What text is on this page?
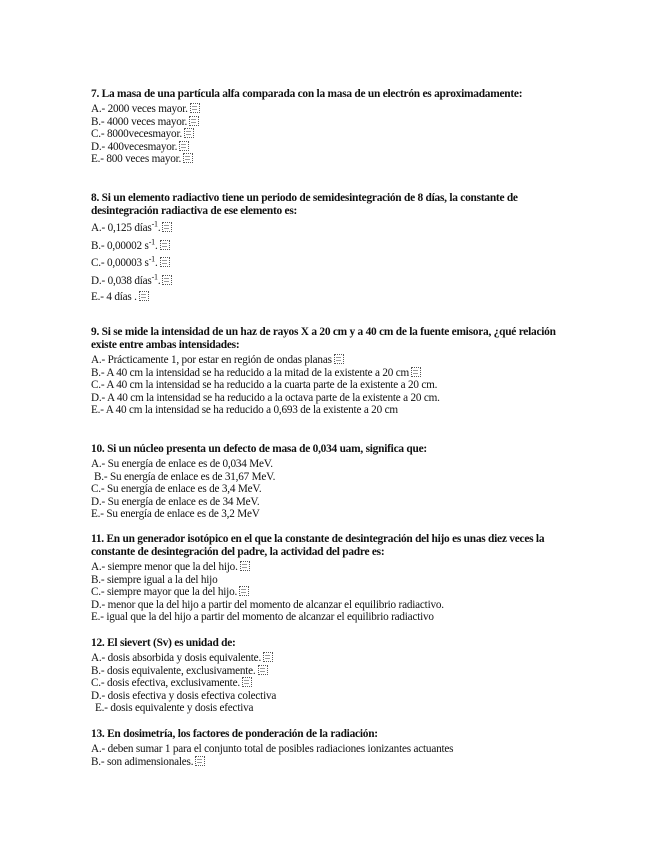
7. La masa de una partícula alfa comparada con la masa de un electrón es aproximadamente:
A.- 2000 veces mayor.
B.- 4000 veces mayor.
C.- 8000vecesmayor.
D.- 400vecesmayor.
E.- 800 veces mayor.
8. Si un elemento radiactivo tiene un periodo de semidesintegración de 8 días, la constante de desintegración radiactiva de ese elemento es:
A.- 0,125 días$^{-1}$.
B.- 0,00002 $s^{-1}$.
C.- 0,00003 $s^{-1}$.
D.- 0,038 días$^{-1}$.
E.- 4 días .
9. Si se mide la intensidad de un haz de rayos X a 20 cm y a 40 cm de la fuente emisora, ¿qué relación existe entre ambas intensidades:
A.- Prácticamente 1, por estar en región de ondas planas
B.- A 40 cm la intensidad se ha reducido a la mitad de la existente a 20 cm
C.- A 40 cm la intensidad se ha reducido a la cuarta parte de la existente a 20 cm.
D.- A 40 cm la intensidad se ha reducido a la octava parte de la existente a 20 cm.
E.- A 40 cm la intensidad se ha reducido a 0,693 de la existente a 20 cm
10. Si un núcleo presenta un defecto de masa de 0,034 uam, significa que:
A.- Su energía de enlace es de 0,034 MeV.
B.- Su energía de enlace es de 31,67 MeV.
C.- Su energía de enlace es de 3,4 MeV.
D.- Su energía de enlace es de 34 MeV.
E.- Su energía de enlace es de 3,2 MeV
11. En un generador isotópico en el que la constante de desintegración del hijo es unas diez veces la constante de desintegración del padre, la actividad del padre es:
A.- siempre menor que la del hijo.
B.- siempre igual a la del hijo
C.- siempre mayor que la del hijo.
D.- menor que la del hijo a partir del momento de alcanzar el equilibrio radiactivo.
E.- igual que la del hijo a partir del momento de alcanzar el equilibrio radiactivo
12. El sievert (Sv) es unidad de:
A.- dosis absorbida y dosis equivalente.
B.- dosis equivalente, exclusivamente.
C.- dosis efectiva, exclusivamente.
D.- dosis efectiva y dosis efectiva colectiva
E.- dosis equivalente y dosis efectiva
13. En dosimetría, los factores de ponderación de la radiación:
A.- deben sumar 1 para el conjunto total de posibles radiaciones ionizantes actuantes
B.- son adimensionales.
